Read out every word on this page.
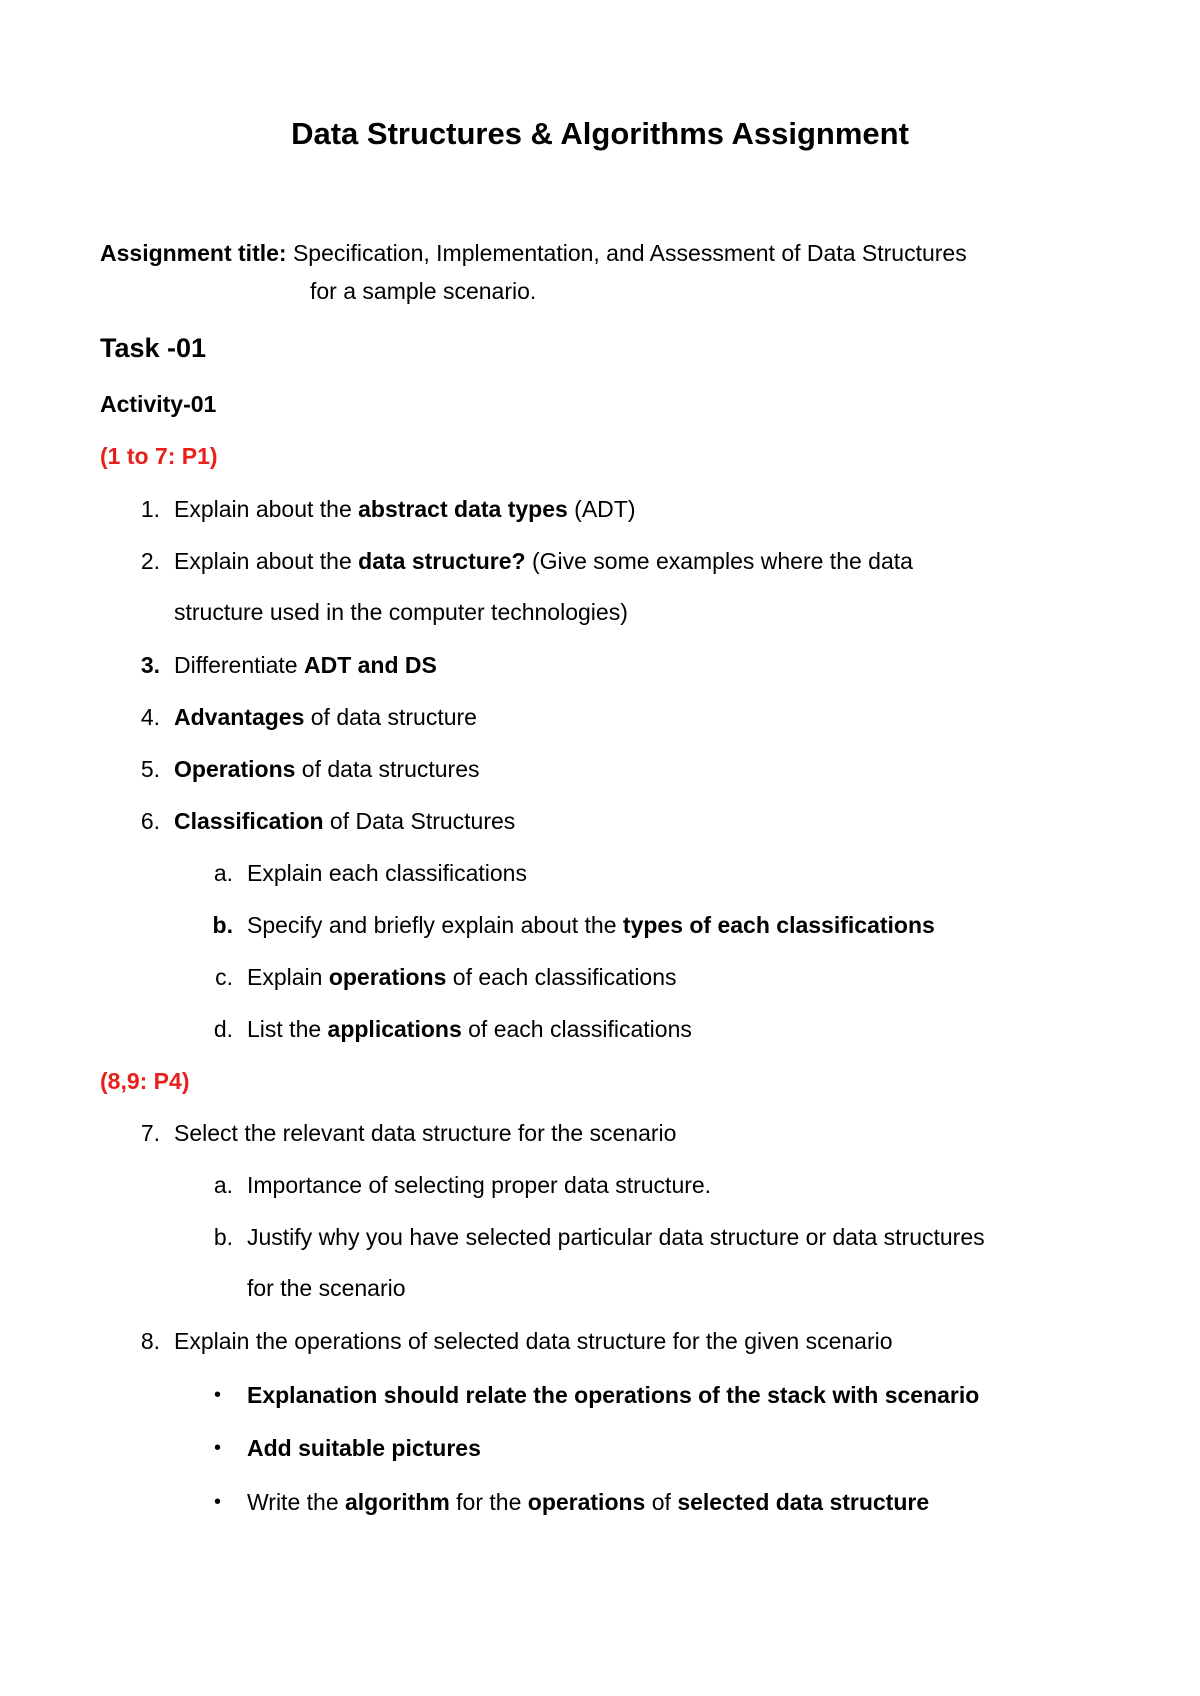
Data Structures & Algorithms Assignment
Assignment title: Specification, Implementation, and Assessment of Data Structures
for a sample scenario.
Task -01
Activity-01
(1 to 7: P1)
1. Explain about the abstract data types (ADT)
2. Explain about the data structure? (Give some examples where the data
structure used in the computer technologies)
3. Differentiate ADT and DS
4. Advantages of data structure
5. Operations of data structures
6. Classification of Data Structures
a. Explain each classifications
b. Specify and briefly explain about the types of each classifications
c. Explain operations of each classifications
d. List the applications of each classifications
(8,9: P4)
7. Select the relevant data structure for the scenario
a. Importance of selecting proper data structure.
b. Justify why you have selected particular data structure or data structures
for the scenario
8. Explain the operations of selected data structure for the given scenario
• Explanation should relate the operations of the stack with scenario
• Add suitable pictures
• Write the algorithm for the operations of selected data structure
